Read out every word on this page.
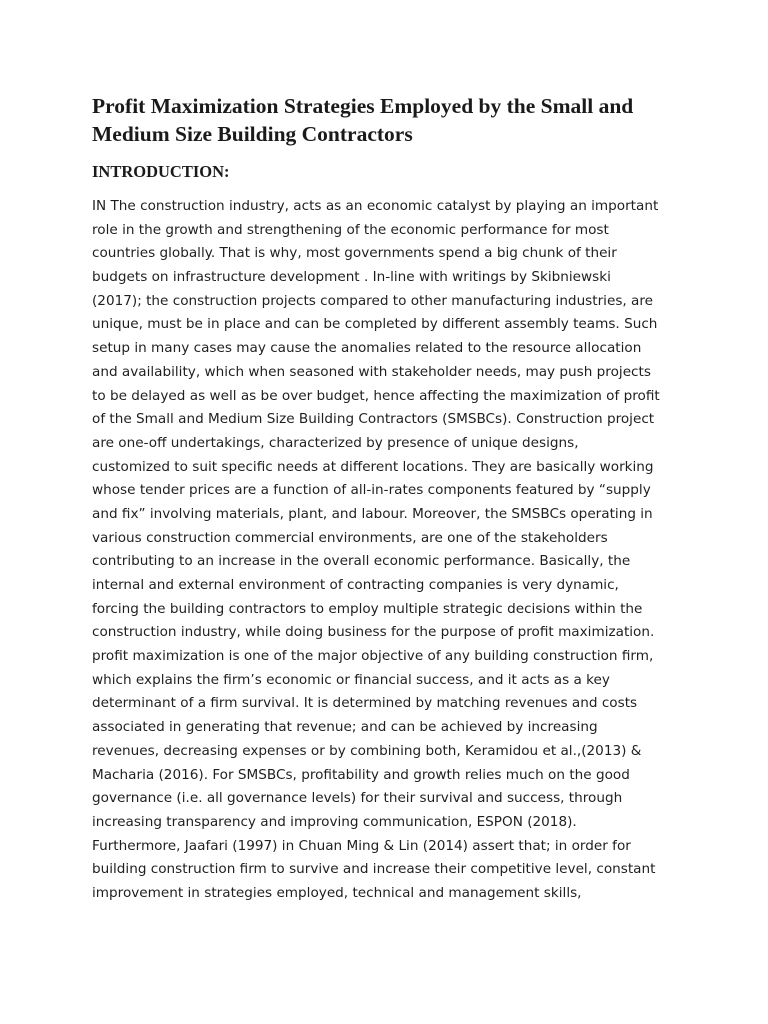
Profit Maximization Strategies Employed by the Small and
Medium Size Building Contractors
INTRODUCTION:
IN The construction industry, acts as an economic catalyst by playing an important
role in the growth and strengthening of the economic performance for most
countries globally. That is why, most governments spend a big chunk of their
budgets on infrastructure development . In-line with writings by Skibniewski
(2017); the construction projects compared to other manufacturing industries, are
unique, must be in place and can be completed by different assembly teams. Such
setup in many cases may cause the anomalies related to the resource allocation
and availability, which when seasoned with stakeholder needs, may push projects
to be delayed as well as be over budget, hence affecting the maximization of profit
of the Small and Medium Size Building Contractors (SMSBCs). Construction project
are one-off undertakings, characterized by presence of unique designs,
customized to suit specific needs at different locations. They are basically working
whose tender prices are a function of all-in-rates components featured by “supply
and fix” involving materials, plant, and labour. Moreover, the SMSBCs operating in
various construction commercial environments, are one of the stakeholders
contributing to an increase in the overall economic performance. Basically, the
internal and external environment of contracting companies is very dynamic,
forcing the building contractors to employ multiple strategic decisions within the
construction industry, while doing business for the purpose of profit maximization.
profit maximization is one of the major objective of any building construction firm,
which explains the firm’s economic or financial success, and it acts as a key
determinant of a firm survival. It is determined by matching revenues and costs
associated in generating that revenue; and can be achieved by increasing
revenues, decreasing expenses or by combining both, Keramidou et al.,(2013) &
Macharia (2016). For SMSBCs, profitability and growth relies much on the good
governance (i.e. all governance levels) for their survival and success, through
increasing transparency and improving communication, ESPON (2018).
Furthermore, Jaafari (1997) in Chuan Ming & Lin (2014) assert that; in order for
building construction firm to survive and increase their competitive level, constant
improvement in strategies employed, technical and management skills,
